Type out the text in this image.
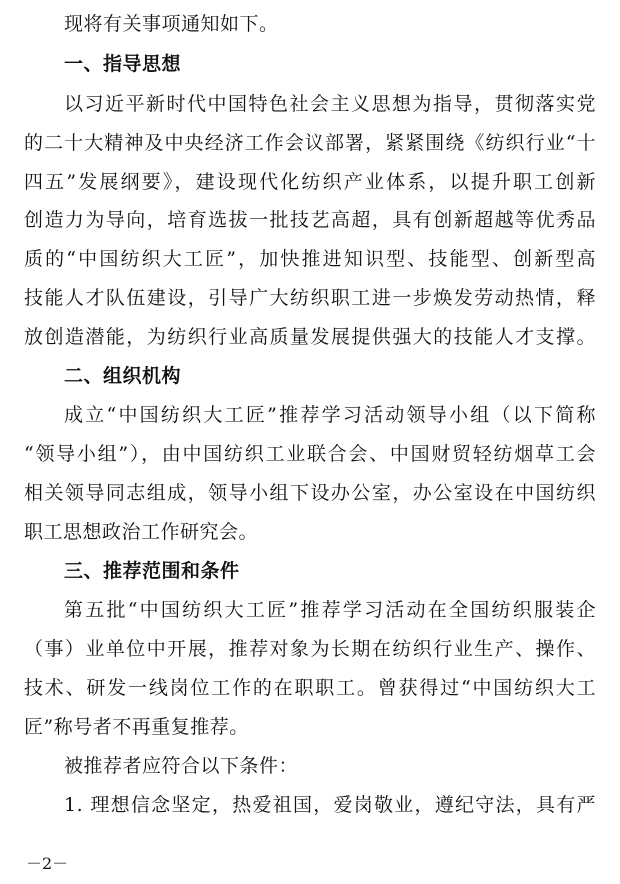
现将有关事项通知如下。
一、指导思想
以习近平新时代中国特色社会主义思想为指导，贯彻落实党
的二十大精神及中央经济工作会议部署，紧紧围绕《纺织行业“十
四五”发展纲要》，建设现代化纺织产业体系，以提升职工创新
创造力为导向，培育选拔一批技艺高超，具有创新超越等优秀品
质的“中国纺织大工匠”，加快推进知识型、技能型、创新型高
技能人才队伍建设，引导广大纺织职工进一步焕发劳动热情，释
放创造潜能，为纺织行业高质量发展提供强大的技能人才支撑。
二、组织机构
成立“中国纺织大工匠”推荐学习活动领导小组（以下简称
“领导小组”），由中国纺织工业联合会、中国财贸轻纺烟草工会
相关领导同志组成，领导小组下设办公室，办公室设在中国纺织
职工思想政治工作研究会。
三、推荐范围和条件
第五批“中国纺织大工匠”推荐学习活动在全国纺织服装企
（事）业单位中开展，推荐对象为长期在纺织行业生产、操作、
技术、研发一线岗位工作的在职职工。曾获得过“中国纺织大工
匠”称号者不再重复推荐。
被推荐者应符合以下条件：
1. 理想信念坚定，热爱祖国，爱岗敬业，遵纪守法，具有严
－2－
